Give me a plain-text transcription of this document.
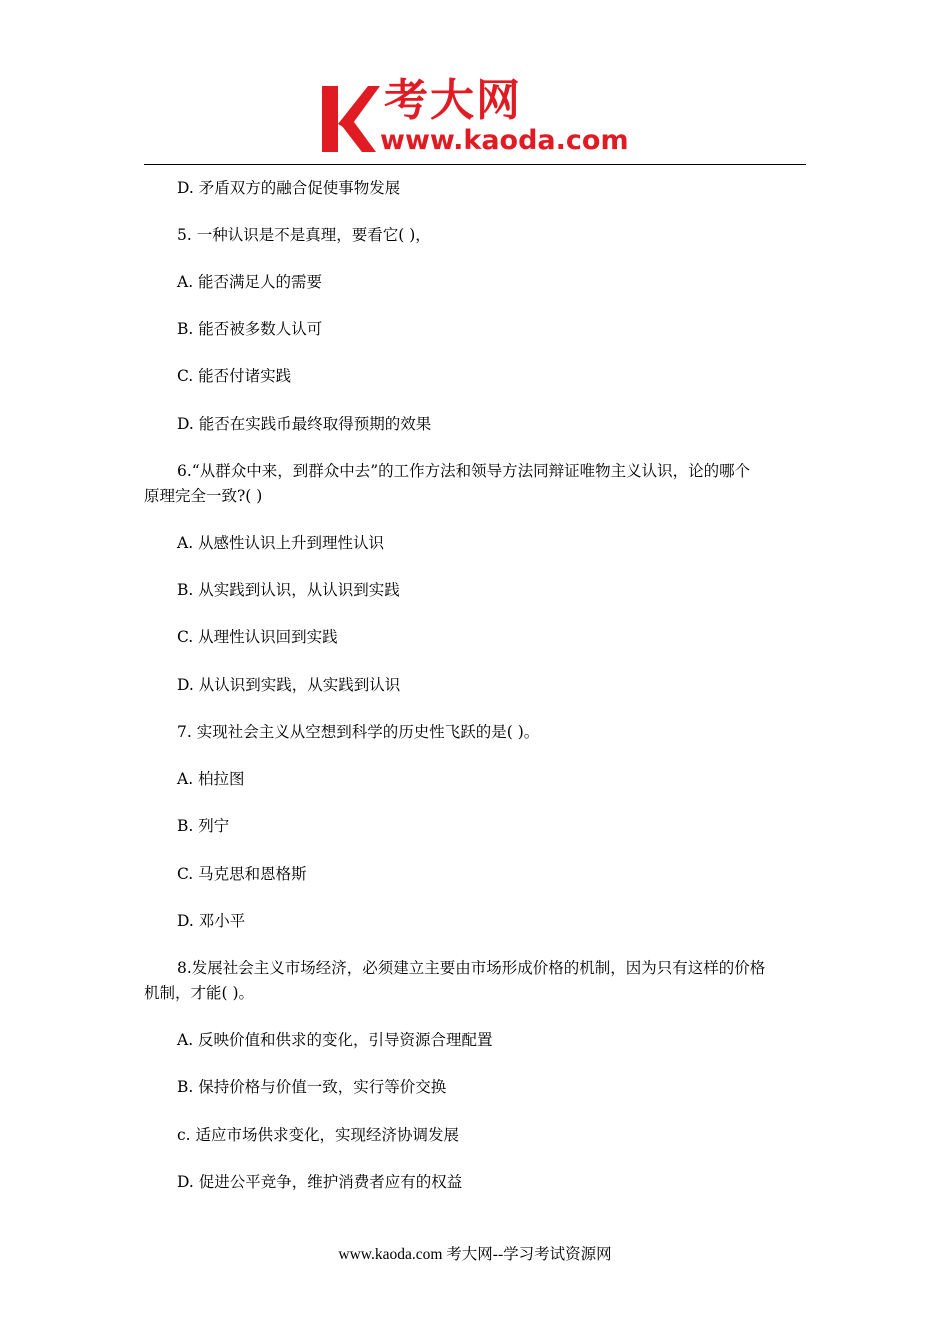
考大网
www.kaoda.com

D. 矛盾双方的融合促使事物发展

5. 一种认识是不是真理，要看它( )，

A. 能否满足人的需要

B. 能否被多数人认可

C. 能否付诸实践

D. 能否在实践币最终取得预期的效果

6.“从群众中来，到群众中去”的工作方法和领导方法同辩证唯物主义认识，论的哪个

原理完全一致?( )

A. 从感性认识上升到理性认识

B. 从实践到认识，从认识到实践

C. 从理性认识回到实践

D. 从认识到实践，从实践到认识

7. 实现社会主义从空想到科学的历史性飞跃的是( )。

A. 柏拉图

B. 列宁

C. 马克思和恩格斯

D. 邓小平

8.发展社会主义市场经济，必须建立主要由市场形成价格的机制，因为只有这样的价格

机制，才能( )。

A. 反映价值和供求的变化，引导资源合理配置

B. 保持价格与价值一致，实行等价交换

c. 适应市场供求变化，实现经济协调发展

D. 促进公平竞争，维护消费者应有的权益

www.kaoda.com 考大网--学习考试资源网
